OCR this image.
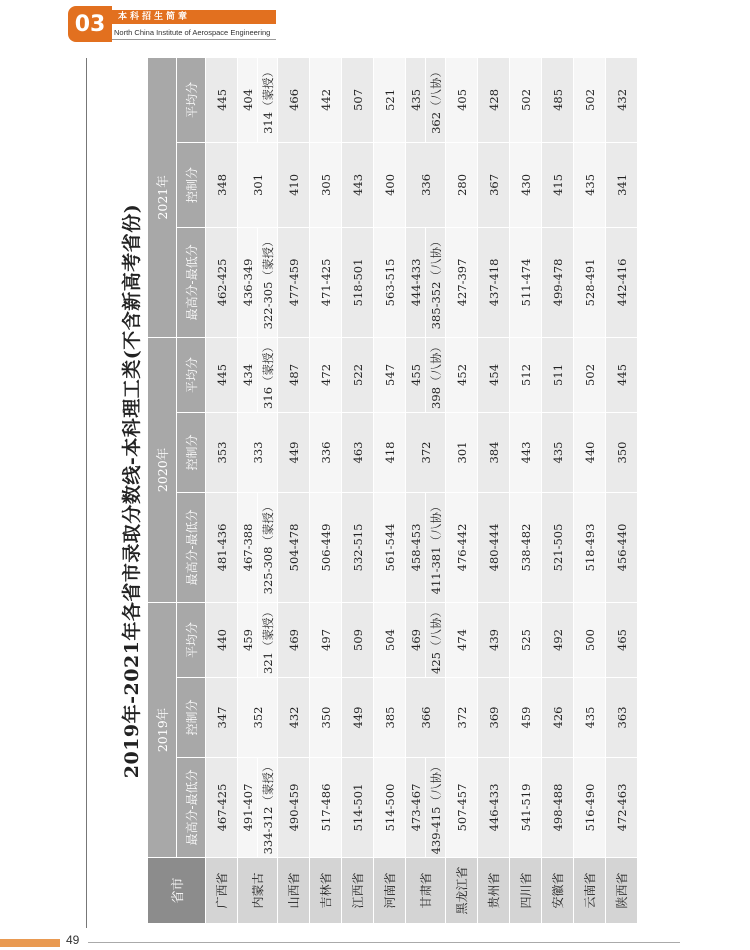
03	本科招生简章
North China Institute of Aerospace Engineering
2019年-2021年各省市录取分数线-本科理工类(不含新高考省份)
省市	2019年			2020年			2021年		
	最高分-最低分	控制分	平均分	最高分-最低分	控制分	平均分	最高分-最低分	控制分	平均分
广西省	467-425	347	440	481-436	353	445	462-425	348	445
内蒙古	491-407	352	459	467-388	333	434	436-349	301	404
	334-312（蒙授）		321（蒙授）	325-308（蒙授）		316（蒙授）	322-305（蒙授）		314（蒙授）
山西省	490-459	432	469	504-478	449	487	477-459	410	466
吉林省	517-486	350	497	506-449	336	472	471-425	305	442
江西省	514-501	449	509	532-515	463	522	518-501	443	507
河南省	514-500	385	504	561-544	418	547	563-515	400	521
甘肃省	473-467	366	469	458-453	372	455	444-433	336	435
	439-415（八协）		425（八协）	411-381（八协）		398（八协）	385-352（八协）		362（八协）
黑龙江省	507-457	372	474	476-442	301	452	427-397	280	405
贵州省	446-433	369	439	480-444	384	454	437-418	367	428
四川省	541-519	459	525	538-482	443	512	511-474	430	502
安徽省	498-488	426	492	521-505	435	511	499-478	415	485
云南省	516-490	435	500	518-493	440	502	528-491	435	502
陕西省	472-463	363	465	456-440	350	445	442-416	341	432
49
